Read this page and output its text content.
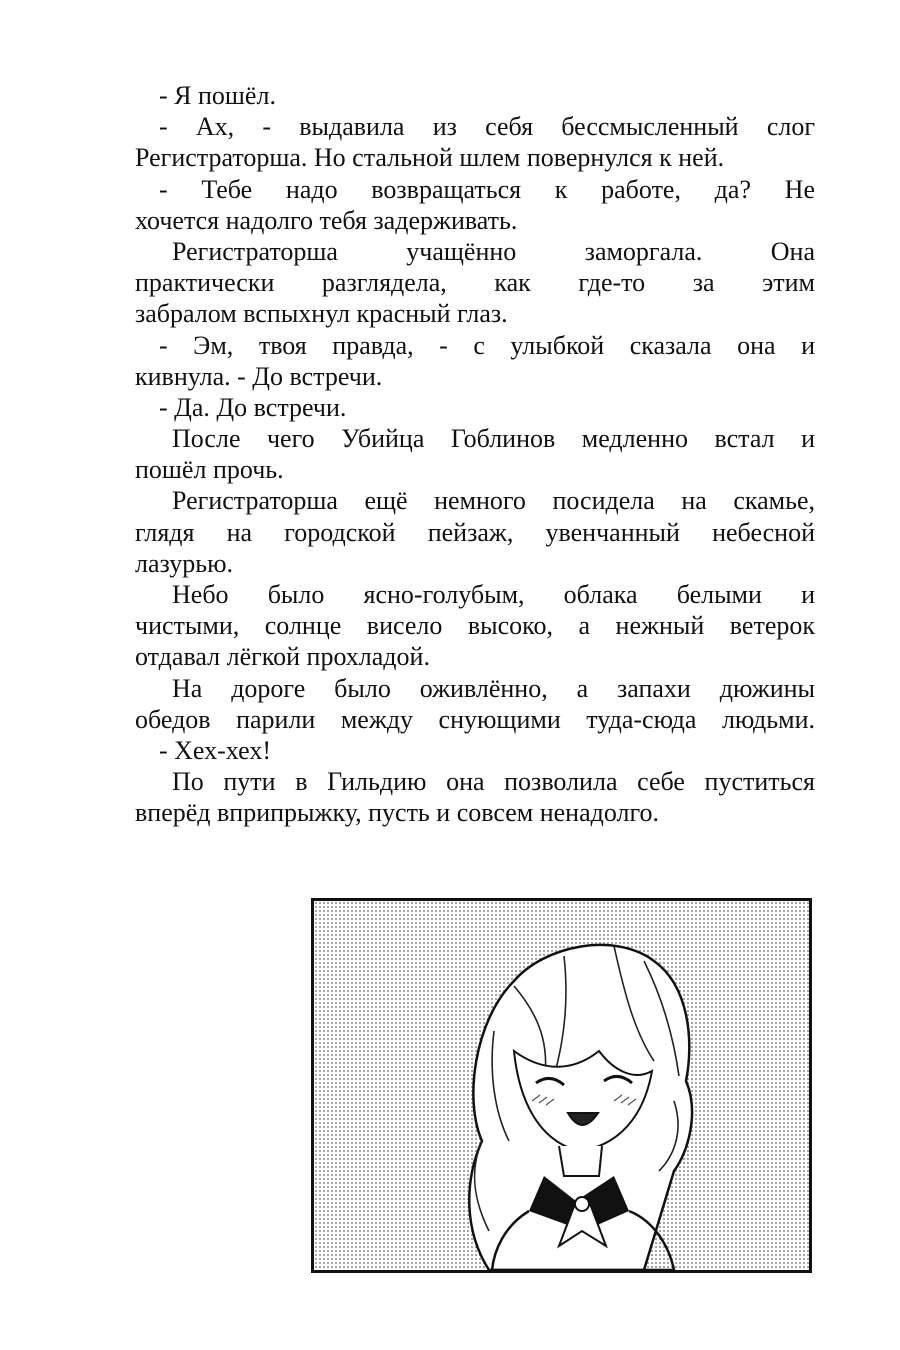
- Я пошёл.
- Ах, - выдавила из себя бессмысленный слог
Регистраторша. Но стальной шлем повернулся к ней.
- Тебе надо возвращаться к работе, да? Не
хочется надолго тебя задерживать.
Регистраторша учащённо заморгала. Она
практически разглядела, как где-то за этим
забралом вспыхнул красный глаз.
- Эм, твоя правда, - с улыбкой сказала она и
кивнула. - До встречи.
- Да. До встречи.
После чего Убийца Гоблинов медленно встал и
пошёл прочь.
Регистраторша ещё немного посидела на скамье,
глядя на городской пейзаж, увенчанный небесной
лазурью.
Небо было ясно-голубым, облака белыми и
чистыми, солнце висело высоко, а нежный ветерок
отдавал лёгкой прохладой.
На дороге было оживлённо, а запахи дюжины
обедов парили между снующими туда-сюда людьми.
- Хех-хех!
По пути в Гильдию она позволила себе пуститься
вперёд вприпрыжку, пусть и совсем ненадолго.
